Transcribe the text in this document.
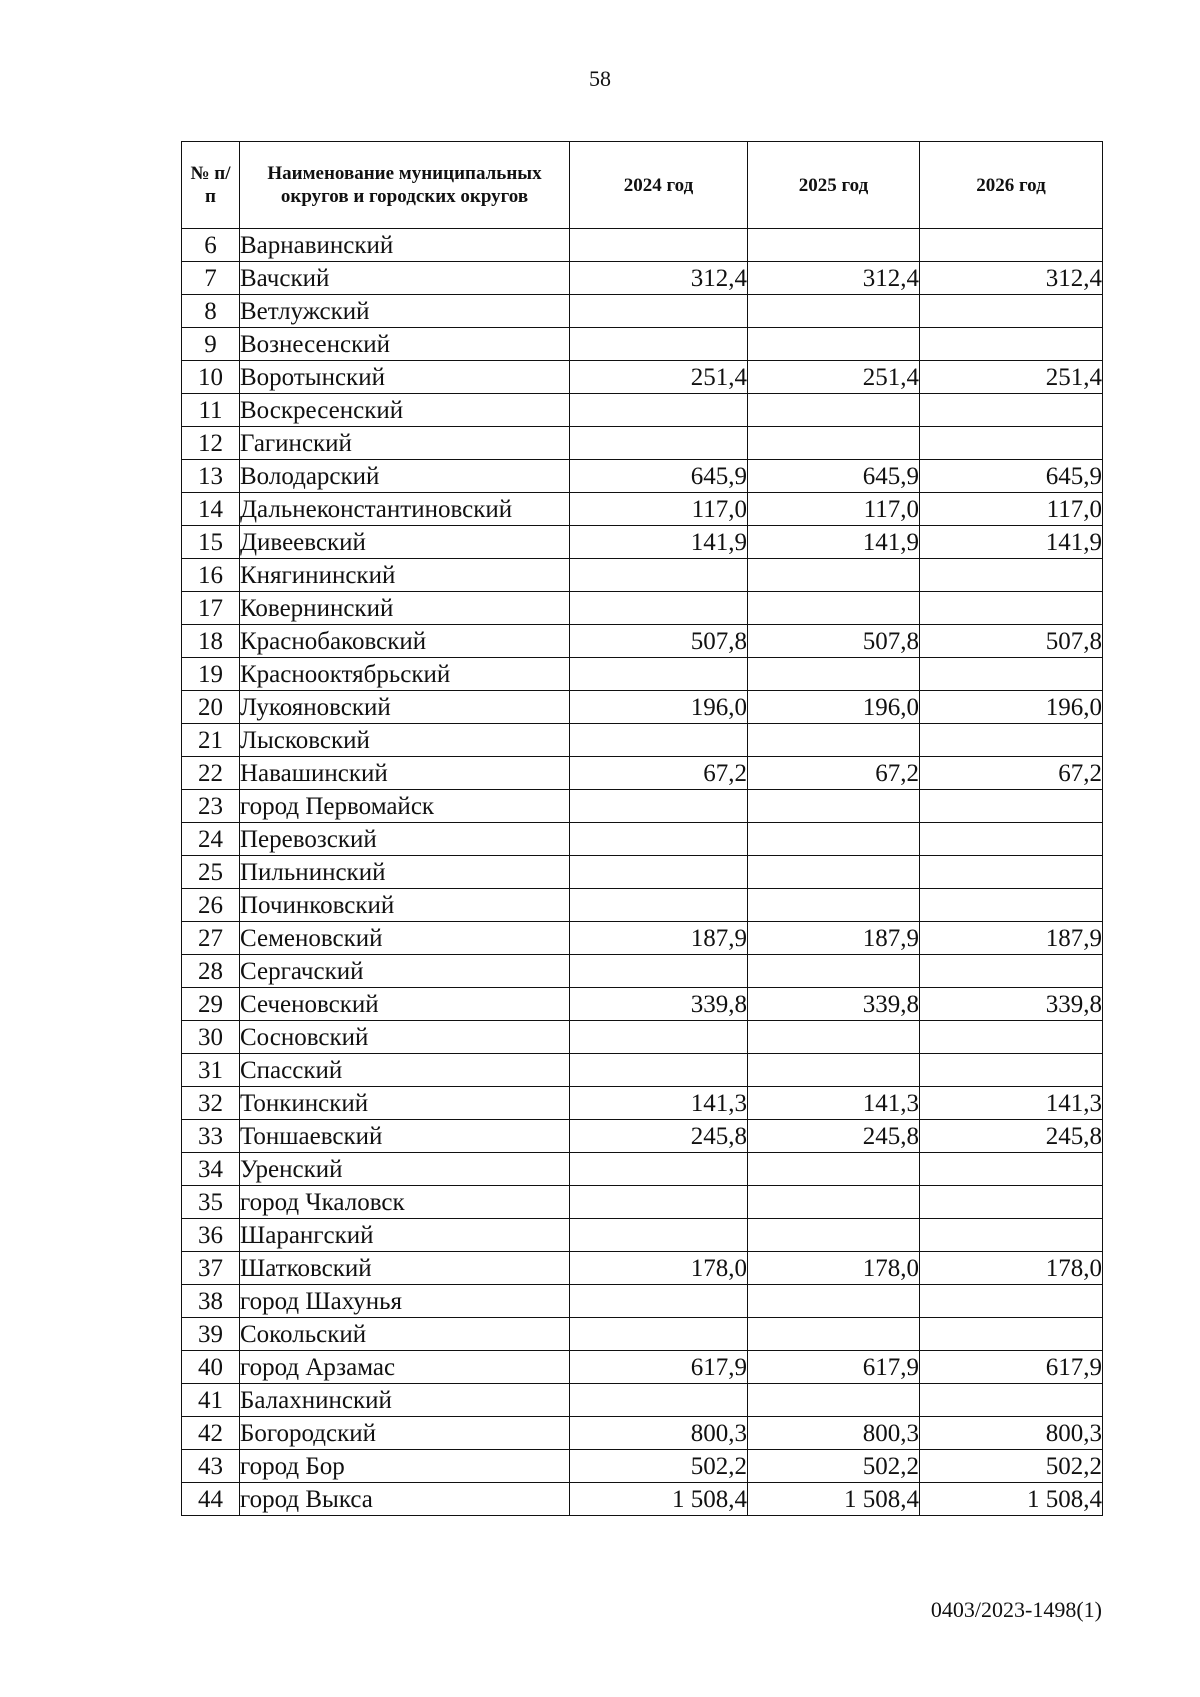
58
№ п/п	Наименование муниципальных округов и городских округов	2024 год	2025 год	2026 год
6	Варнавинский			
7	Вачский	312,4	312,4	312,4
8	Ветлужский			
9	Вознесенский			
10	Воротынский	251,4	251,4	251,4
11	Воскресенский			
12	Гагинский			
13	Володарский	645,9	645,9	645,9
14	Дальнеконстантиновский	117,0	117,0	117,0
15	Дивеевский	141,9	141,9	141,9
16	Княгининский			
17	Ковернинский			
18	Краснобаковский	507,8	507,8	507,8
19	Краснооктябрьский			
20	Лукояновский	196,0	196,0	196,0
21	Лысковский			
22	Навашинский	67,2	67,2	67,2
23	город Первомайск			
24	Перевозский			
25	Пильнинский			
26	Починковский			
27	Семеновский	187,9	187,9	187,9
28	Сергачский			
29	Сеченовский	339,8	339,8	339,8
30	Сосновский			
31	Спасский			
32	Тонкинский	141,3	141,3	141,3
33	Тоншаевский	245,8	245,8	245,8
34	Уренский			
35	город Чкаловск			
36	Шарангский			
37	Шатковский	178,0	178,0	178,0
38	город Шахунья			
39	Сокольский			
40	город Арзамас	617,9	617,9	617,9
41	Балахнинский			
42	Богородский	800,3	800,3	800,3
43	город Бор	502,2	502,2	502,2
44	город Выкса	1 508,4	1 508,4	1 508,4
0403/2023-1498(1)
